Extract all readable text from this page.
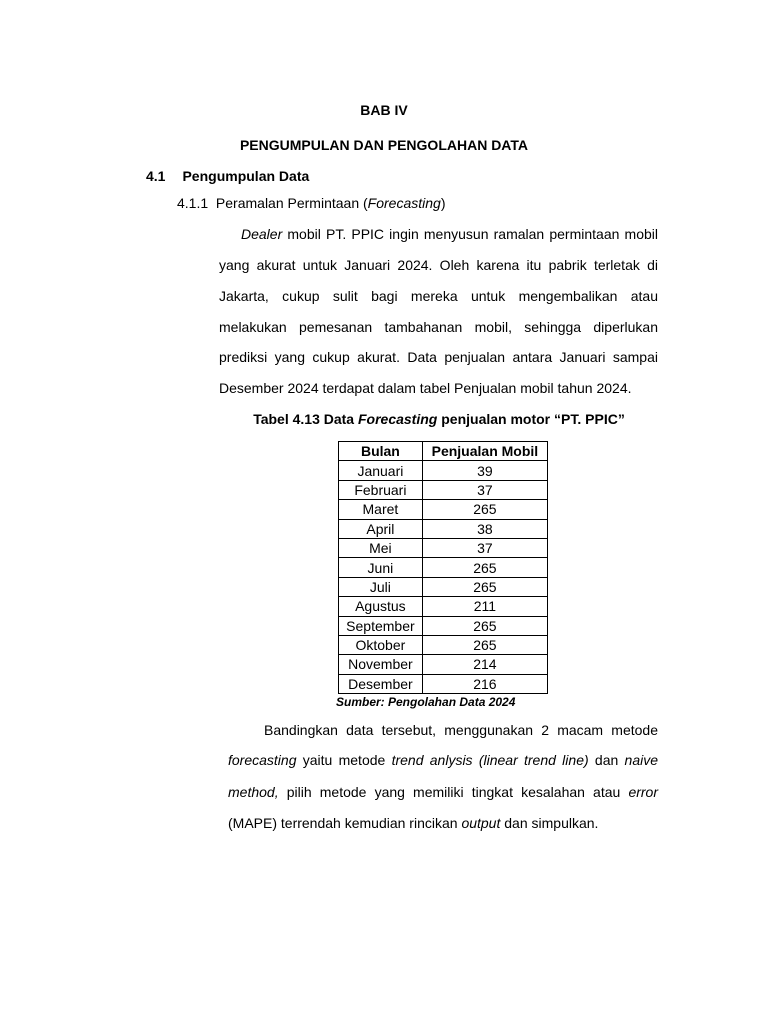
BAB IV
PENGUMPULAN DAN PENGOLAHAN DATA
4.1 Pengumpulan Data
4.1.1 Peramalan Permintaan (Forecasting)
Dealer mobil PT. PPIC ingin menyusun ramalan permintaan mobil
yang akurat untuk Januari 2024. Oleh karena itu pabrik terletak di
Jakarta, cukup sulit bagi mereka untuk mengembalikan atau
melakukan pemesanan tambahanan mobil, sehingga diperlukan
prediksi yang cukup akurat. Data penjualan antara Januari sampai
Desember 2024 terdapat dalam tabel Penjualan mobil tahun 2024.
Tabel 4.13 Data Forecasting penjualan motor “PT. PPIC”
Bulan	Penjualan Mobil
Januari	39
Februari	37
Maret	265
April	38
Mei	37
Juni	265
Juli	265
Agustus	211
September	265
Oktober	265
November	214
Desember	216
Sumber: Pengolahan Data 2024
Bandingkan data tersebut, menggunakan 2 macam metode
forecasting yaitu metode trend anlysis (linear trend line) dan naive
method, pilih metode yang memiliki tingkat kesalahan atau error
(MAPE) terrendah kemudian rincikan output dan simpulkan.
